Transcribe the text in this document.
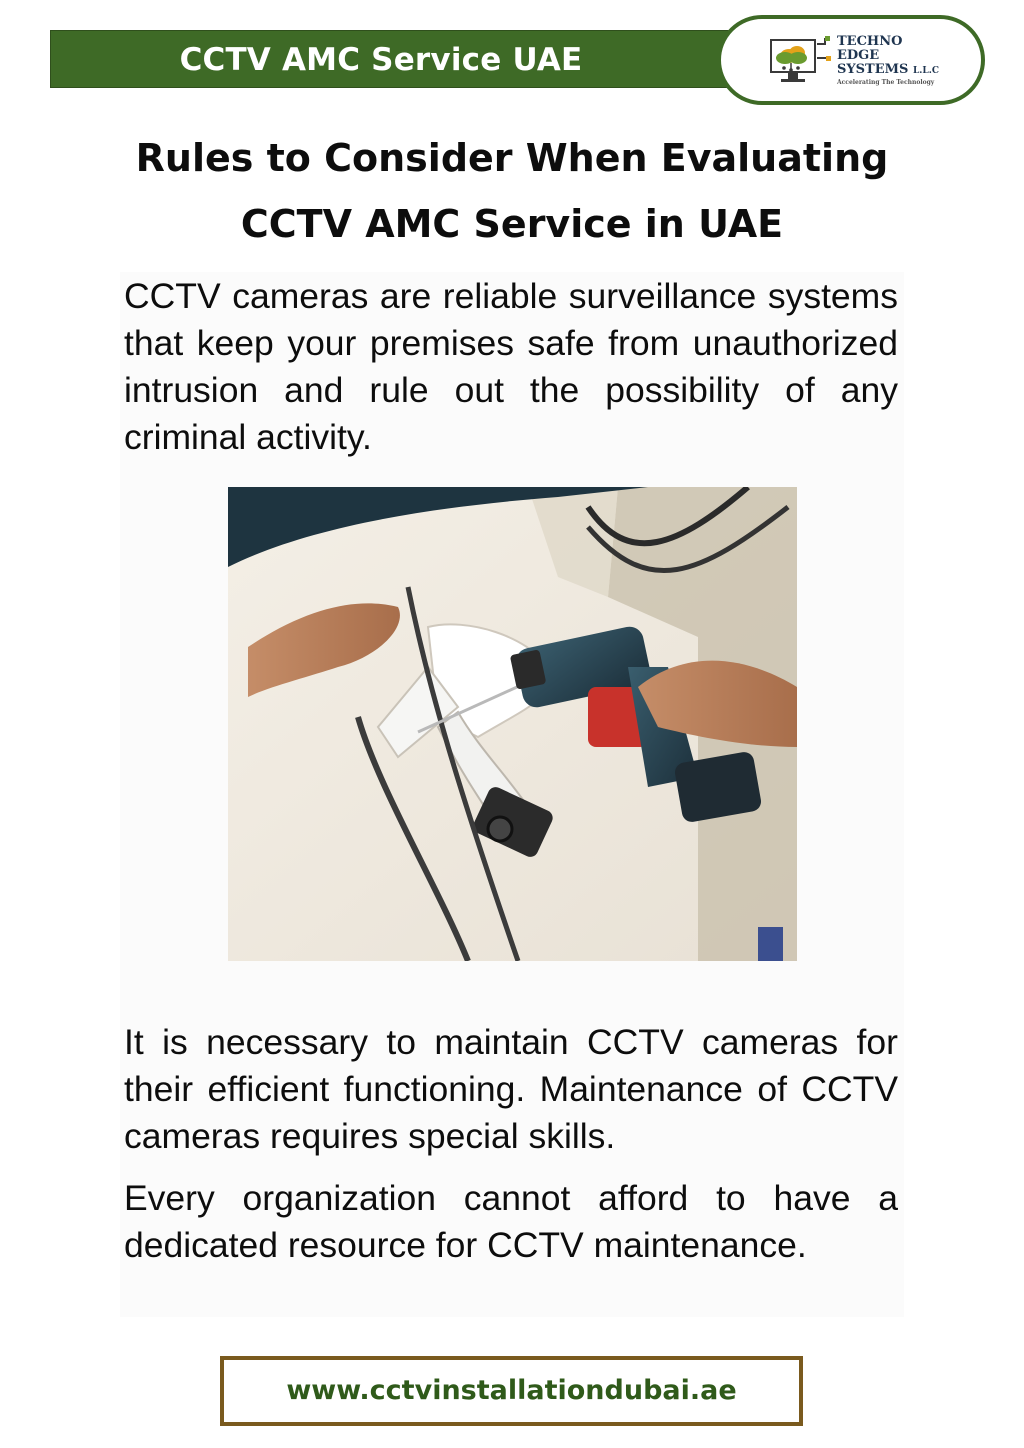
CCTV AMC Service UAE
TECHNO
EDGE
SYSTEMS L.L.C
Accelerating The Technology
Rules to Consider When Evaluating
CCTV AMC Service in UAE
CCTV cameras are reliable surveillance systems that keep your premises safe from unauthorized intrusion and rule out the possibility of any criminal activity.
It is necessary to maintain CCTV cameras for their efficient functioning. Maintenance of CCTV cameras requires special skills.
Every organization cannot afford to have a dedicated resource for CCTV maintenance.
www.cctvinstallationdubai.ae
